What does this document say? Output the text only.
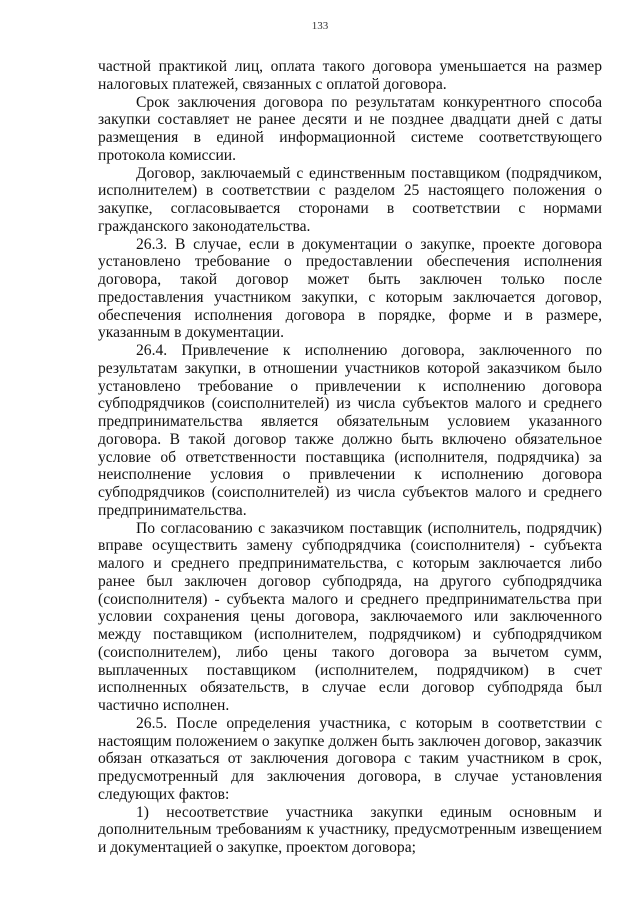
133

частной практикой лиц, оплата такого договора уменьшается на размер налоговых платежей, связанных с оплатой договора.

Срок заключения договора по результатам конкурентного способа закупки составляет не ранее десяти и не позднее двадцати дней с даты размещения в единой информационной системе соответствующего протокола комиссии.

Договор, заключаемый с единственным поставщиком (подрядчиком, исполнителем) в соответствии с разделом 25 настоящего положения о закупке, согласовывается сторонами в соответствии с нормами гражданского законодательства.

26.3. В случае, если в документации о закупке, проекте договора установлено требование о предоставлении обеспечения исполнения договора, такой договор может быть заключен только после предоставления участником закупки, с которым заключается договор, обеспечения исполнения договора в порядке, форме и в размере, указанным в документации.

26.4. Привлечение к исполнению договора, заключенного по результатам закупки, в отношении участников которой заказчиком было установлено требование о привлечении к исполнению договора субподрядчиков (соисполнителей) из числа субъектов малого и среднего предпринимательства является обязательным условием указанного договора. В такой договор также должно быть включено обязательное условие об ответственности поставщика (исполнителя, подрядчика) за неисполнение условия о привлечении к исполнению договора субподрядчиков (соисполнителей) из числа субъектов малого и среднего предпринимательства.

По согласованию с заказчиком поставщик (исполнитель, подрядчик) вправе осуществить замену субподрядчика (соисполнителя) - субъекта малого и среднего предпринимательства, с которым заключается либо ранее был заключен договор субподряда, на другого субподрядчика (соисполнителя) - субъекта малого и среднего предпринимательства при условии сохранения цены договора, заключаемого или заключенного между поставщиком (исполнителем, подрядчиком) и субподрядчиком (соисполнителем), либо цены такого договора за вычетом сумм, выплаченных поставщиком (исполнителем, подрядчиком) в счет исполненных обязательств, в случае если договор субподряда был частично исполнен.

26.5. После определения участника, с которым в соответствии с настоящим положением о закупке должен быть заключен договор, заказчик обязан отказаться от заключения договора с таким участником в срок, предусмотренный для заключения договора, в случае установления следующих фактов:

1) несоответствие участника закупки единым основным и дополнительным требованиям к участнику, предусмотренным извещением и документацией о закупке, проектом договора;
